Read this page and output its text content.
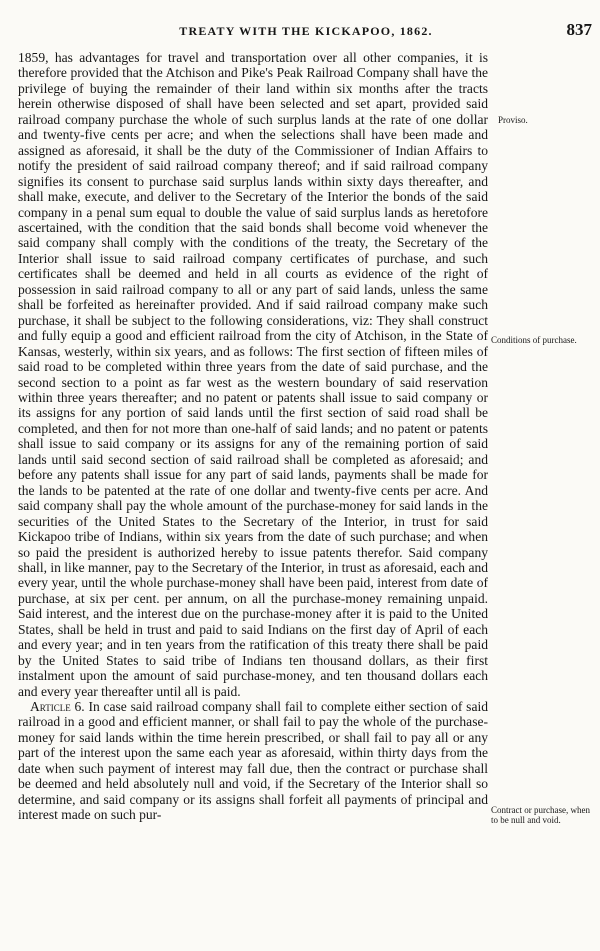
TREATY WITH THE KICKAPOO, 1862.	837

1859, has advantages for travel and transportation over all other companies, it is therefore provided that the Atchison and Pike's Peak Railroad Company shall have the privilege of buying the remainder of their land within six months after the tracts herein otherwise disposed of shall have been selected and set apart, provided said railroad company purchase the whole of such surplus lands at the rate of one dollar and twenty-five cents per acre; and when the selections shall have been made and assigned as aforesaid, it shall be the duty of the Commissioner of Indian Affairs to notify the president of said railroad company thereof; and if said railroad company signifies its consent to purchase said surplus lands within sixty days thereafter, and shall make, execute, and deliver to the Secretary of the Interior the bonds of the said company in a penal sum equal to double the value of said surplus lands as heretofore ascertained, with the condition that the said bonds shall become void whenever the said company shall comply with the conditions of the treaty, the Secretary of the Interior shall issue to said railroad company certificates of purchase, and such certificates shall be deemed and held in all courts as evidence of the right of possession in said railroad company to all or any part of said lands, unless the same shall be forfeited as hereinafter provided. And if said railroad company make such purchase, it shall be subject to the following considerations, viz: They shall construct and fully equip a good and efficient railroad from the city of Atchison, in the State of Kansas, westerly, within six years, and as follows: The first section of fifteen miles of said road to be completed within three years from the date of said purchase, and the second section to a point as far west as the western boundary of said reservation within three years thereafter; and no patent or patents shall issue to said company or its assigns for any portion of said lands until the first section of said road shall be completed, and then for not more than one-half of said lands; and no patent or patents shall issue to said company or its assigns for any of the remaining portion of said lands until said second section of said railroad shall be completed as aforesaid; and before any patents shall issue for any part of said lands, payments shall be made for the lands to be patented at the rate of one dollar and twenty-five cents per acre. And said company shall pay the whole amount of the purchase-money for said lands in the securities of the United States to the Secretary of the Interior, in trust for said Kickapoo tribe of Indians, within six years from the date of such purchase; and when so paid the president is authorized hereby to issue patents therefor. Said company shall, in like manner, pay to the Secretary of the Interior, in trust as aforesaid, each and every year, until the whole purchase-money shall have been paid, interest from date of purchase, at six per cent. per annum, on all the purchase-money remaining unpaid. Said interest, and the interest due on the purchase-money after it is paid to the United States, shall be held in trust and paid to said Indians on the first day of April of each and every year; and in ten years from the ratification of this treaty there shall be paid by the United States to said tribe of Indians ten thousand dollars, as their first instalment upon the amount of said purchase-money, and ten thousand dollars each and every year thereafter until all is paid.

Article 6. In case said railroad company shall fail to complete either section of said railroad in a good and efficient manner, or shall fail to pay the whole of the purchase-money for said lands within the time herein prescribed, or shall fail to pay all or any part of the interest upon the same each year as aforesaid, within thirty days from the date when such payment of interest may fall due, then the contract or purchase shall be deemed and held absolutely null and void, if the Secretary of the Interior shall so determine, and said company or its assigns shall forfeit all payments of principal and interest made on such pur-

Proviso.
Conditions of purchase.
Contract or purchase, when to be null and void.
